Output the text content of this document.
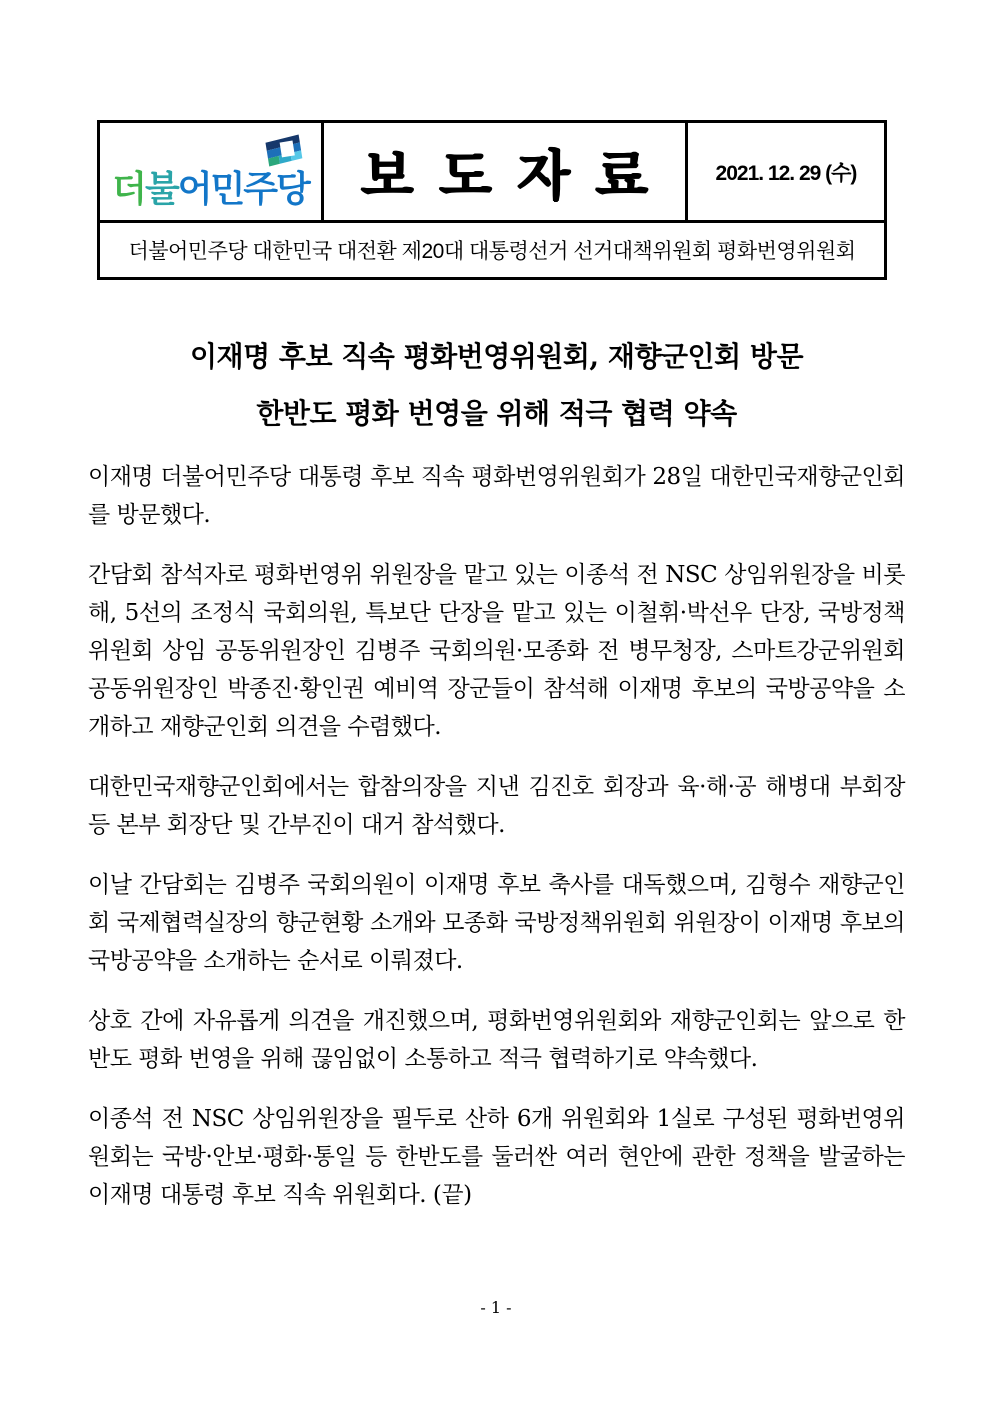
더불어민주당 보도자료 2021. 12. 29 (수)
더불어민주당 대한민국 대전환 제20대 대통령선거 선거대책위원회 평화번영위원회
이재명 후보 직속 평화번영위원회, 재향군인회 방문
한반도 평화 번영을 위해 적극 협력 약속

이재명 더불어민주당 대통령 후보 직속 평화번영위원회가 28일 대한민국재향군인회를 방문했다.

간담회 참석자로 평화번영위 위원장을 맡고 있는 이종석 전 NSC 상임위원장을 비롯해, 5선의 조정식 국회의원, 특보단 단장을 맡고 있는 이철휘·박선우 단장, 국방정책위원회 상임 공동위원장인 김병주 국회의원·모종화 전 병무청장, 스마트강군위원회 공동위원장인 박종진·황인권 예비역 장군들이 참석해 이재명 후보의 국방공약을 소개하고 재향군인회 의견을 수렴했다.

대한민국재향군인회에서는 합참의장을 지낸 김진호 회장과 육·해·공 해병대 부회장 등 본부 회장단 및 간부진이 대거 참석했다.

이날 간담회는 김병주 국회의원이 이재명 후보 축사를 대독했으며, 김형수 재향군인회 국제협력실장의 향군현황 소개와 모종화 국방정책위원회 위원장이 이재명 후보의 국방공약을 소개하는 순서로 이뤄졌다.

상호 간에 자유롭게 의견을 개진했으며, 평화번영위원회와 재향군인회는 앞으로 한반도 평화 번영을 위해 끊임없이 소통하고 적극 협력하기로 약속했다.

이종석 전 NSC 상임위원장을 필두로 산하 6개 위원회와 1실로 구성된 평화번영위원회는 국방·안보·평화·통일 등 한반도를 둘러싼 여러 현안에 관한 정책을 발굴하는 이재명 대통령 후보 직속 위원회다. (끝)

- 1 -
